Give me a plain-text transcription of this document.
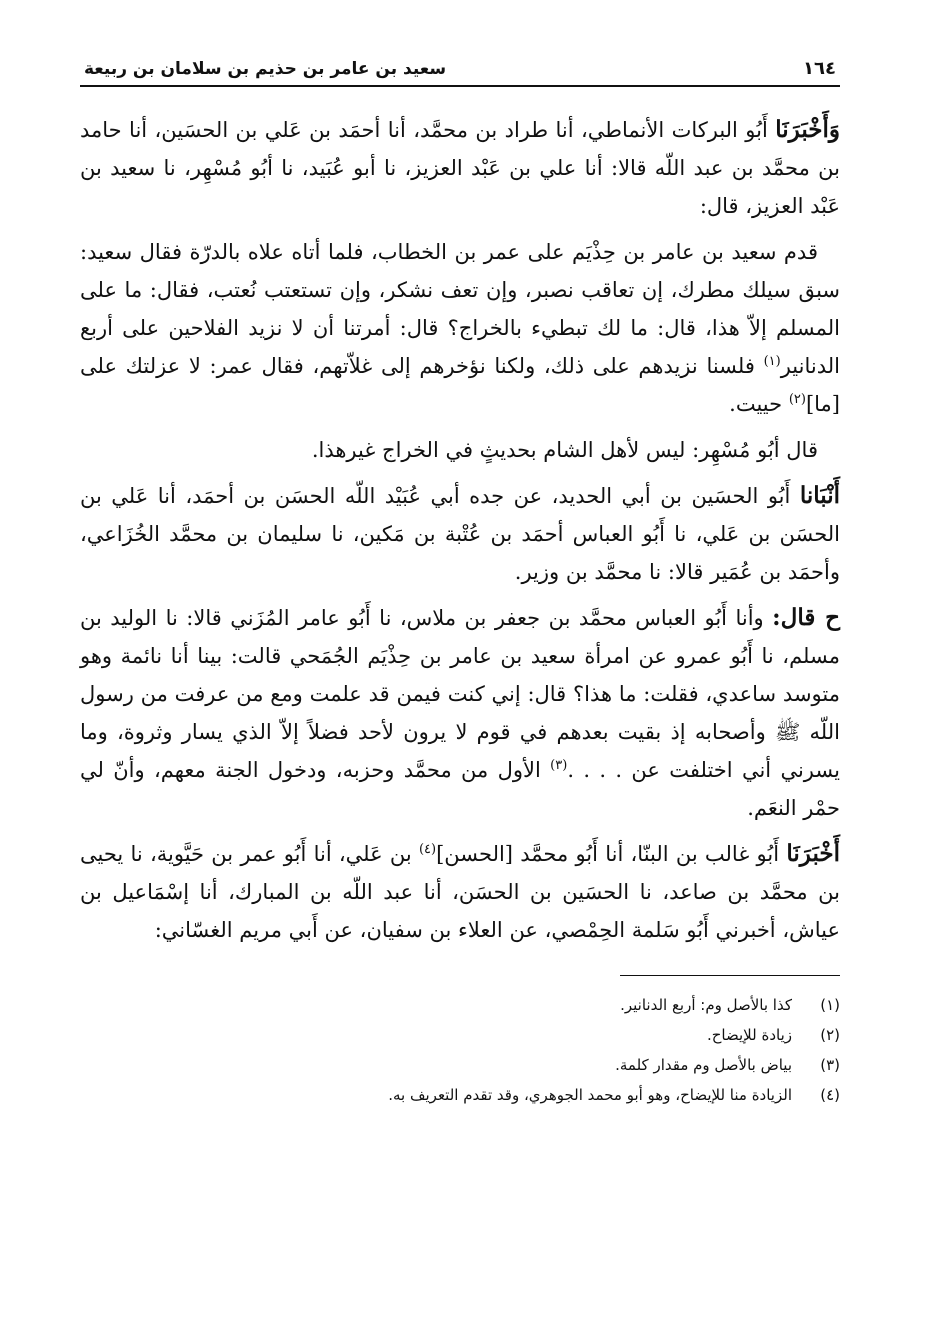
١٦٤
سعيد بن عامر بن حذيم بن سلامان بن ربيعة

وَأَخْبَرَنَا أَبُو البركات الأنماطي، أنا طراد بن محمَّد، أنا أحمَد بن عَلي بن الحسَين، أنا حامد بن محمَّد بن عبد اللّه قالا: أنا علي بن عَبْد العزيز، نا أبو عُبَيد، نا أبُو مُسْهِر، نا سعيد بن عَبْد العزيز، قال:

قدم سعيد بن عامر بن حِذْيَم على عمر بن الخطاب، فلما أتاه علاه بالدرّة فقال سعيد: سبق سيلك مطرك، إن تعاقب نصبر، وإن تعف نشكر، وإن تستعتب نُعتب، فقال: ما على المسلم إلاّ هذا، قال: ما لك تبطيء بالخراج؟ قال: أمرتنا أن لا نزيد الفلاحين على أربع الدنانير$^{(١)}$ فلسنا نزيدهم على ذلك، ولكنا نؤخرهم إلى غلاّتهم، فقال عمر: لا عزلتك على [ما]$^{(٢)}$ حييت.

قال أبُو مُسْهِر: ليس لأهل الشام بحديثٍ في الخراج غيرهذا.

أَنْبَانا أَبُو الحسَين بن أبي الحديد، عن جده أبي عُبَيْد اللّه الحسَن بن أحمَد، أنا عَلي بن الحسَن بن عَلي، نا أَبُو العباس أحمَد بن عُتْبة بن مَكين، نا سليمان بن محمَّد الخُزَاعي، وأحمَد بن عُمَير قالا: نا محمَّد بن وزير.

ح قال: وأنا أَبُو العباس محمَّد بن جعفر بن ملاس، نا أَبُو عامر المُزَني قالا: نا الوليد بن مسلم، نا أَبُو عمرو عن امرأة سعيد بن عامر بن حِذْيَم الجُمَحي قالت: بينا أنا نائمة وهو متوسد ساعدي، فقلت: ما هذا؟ قال: إني كنت فيمن قد علمت ومع من عرفت من رسول اللّه ﷺ وأصحابه إذ بقيت بعدهم في قوم لا يرون لأحد فضلاً إلاّ الذي يسار وثروة، وما يسرني أني اختلفت عن . . . .$^{(٣)}$ الأول من محمَّد وحزبه، ودخول الجنة معهم، وأنّ لي حمْر النعَم.

أَخْبَرَنَا أَبُو غالب بن البنّا، أنا أَبُو محمَّد [الحسن]$^{(٤)}$ بن عَلي، أنا أَبُو عمر بن حَيَّوية، نا يحيى بن محمَّد بن صاعد، نا الحسَين بن الحسَن، أنا عبد اللّه بن المبارك، أنا إسْمَاعيل بن عياش، أخبرني أَبُو سَلمة الحِمْصي، عن العلاء بن سفيان، عن أَبي مريم الغسّاني:

(١)
كذا بالأصل وم: أربع الدنانير.
(٢)
زيادة للإيضاح.
(٣)
بياض بالأصل وم مقدار كلمة.
(٤)
الزيادة منا للإيضاح، وهو أبو محمد الجوهري، وقد تقدم التعريف به.
